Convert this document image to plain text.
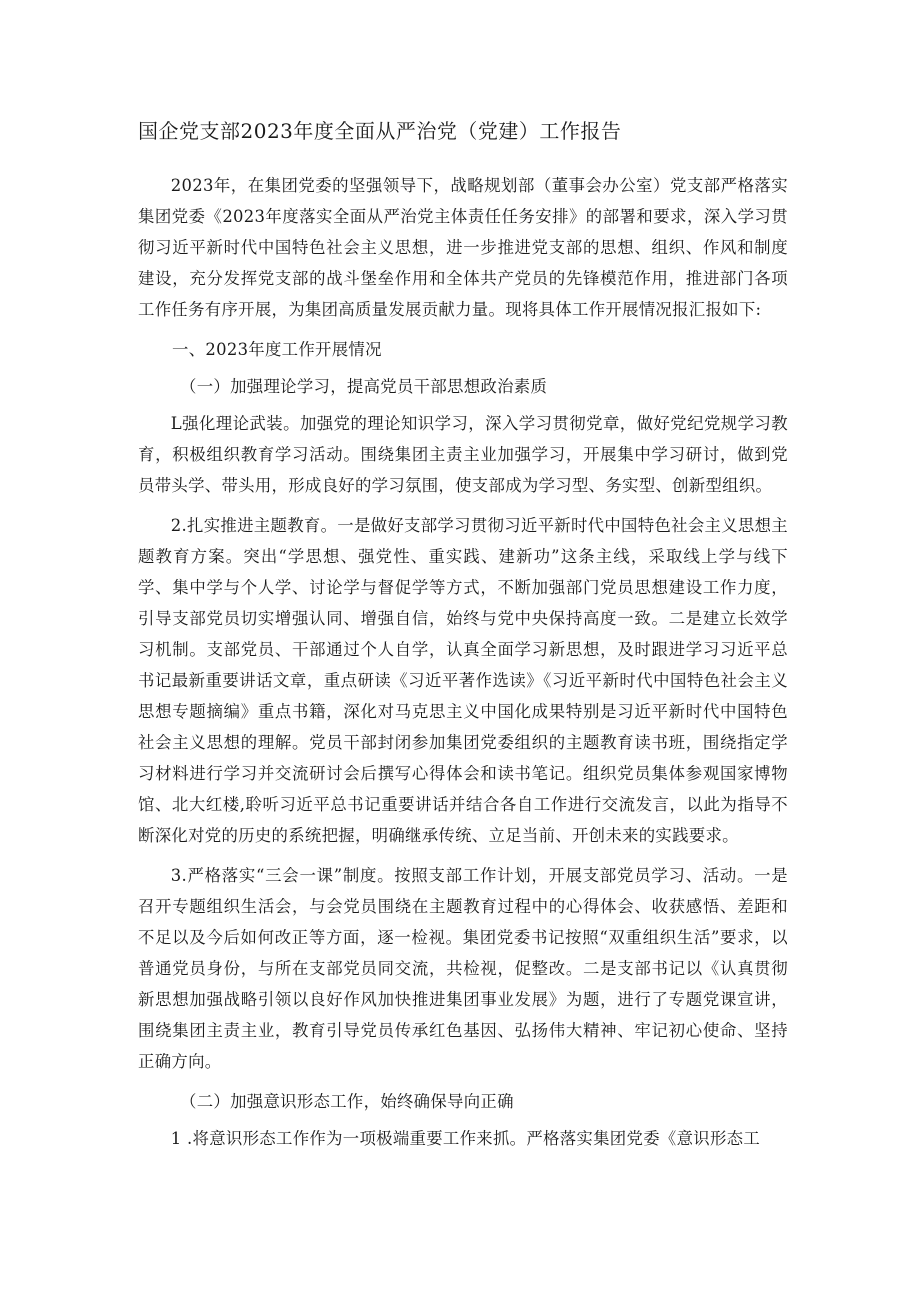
国企党支部2023年度全面从严治党（党建）工作报告

2023年，在集团党委的坚强领导下，战略规划部（董事会办公室）党支部严格落实集团党委《2023年度落实全面从严治党主体责任任务安排》的部署和要求，深入学习贯彻习近平新时代中国特色社会主义思想，进一步推进党支部的思想、组织、作风和制度建设，充分发挥党支部的战斗堡垒作用和全体共产党员的先锋模范作用，推进部门各项工作任务有序开展，为集团高质量发展贡献力量。现将具体工作开展情况报汇报如下:

一、2023年度工作开展情况

（一）加强理论学习，提高党员干部思想政治素质

L强化理论武装。加强党的理论知识学习，深入学习贯彻党章，做好党纪党规学习教育，积极组织教育学习活动。围绕集团主责主业加强学习，开展集中学习研讨，做到党员带头学、带头用，形成良好的学习氛围，使支部成为学习型、务实型、创新型组织。

2.扎实推进主题教育。一是做好支部学习贯彻习近平新时代中国特色社会主义思想主题教育方案。突出“学思想、强党性、重实践、建新功”这条主线，采取线上学与线下学、集中学与个人学、讨论学与督促学等方式，不断加强部门党员思想建设工作力度，引导支部党员切实增强认同、增强自信，始终与党中央保持高度一致。二是建立长效学习机制。支部党员、干部通过个人自学，认真全面学习新思想，及时跟进学习习近平总书记最新重要讲话文章，重点研读《习近平著作选读》《习近平新时代中国特色社会主义思想专题摘编》重点书籍，深化对马克思主义中国化成果特别是习近平新时代中国特色社会主义思想的理解。党员干部封闭参加集团党委组织的主题教育读书班，围绕指定学习材料进行学习并交流研讨会后撰写心得体会和读书笔记。组织党员集体参观国家博物馆、北大红楼,聆听习近平总书记重要讲话并结合各自工作进行交流发言，以此为指导不断深化对党的历史的系统把握，明确继承传统、立足当前、开创未来的实践要求。

3.严格落实“三会一课”制度。按照支部工作计划，开展支部党员学习、活动。一是召开专题组织生活会，与会党员围绕在主题教育过程中的心得体会、收获感悟、差距和不足以及今后如何改正等方面，逐一检视。集团党委书记按照“双重组织生活”要求，以普通党员身份，与所在支部党员同交流，共检视，促整改。二是支部书记以《认真贯彻新思想加强战略引领以良好作风加快推进集团事业发展》为题，进行了专题党课宣讲，围绕集团主责主业，教育引导党员传承红色基因、弘扬伟大精神、牢记初心使命、坚持正确方向。

（二）加强意识形态工作，始终确保导向正确

1 .将意识形态工作作为一项极端重要工作来抓。严格落实集团党委《意识形态工
